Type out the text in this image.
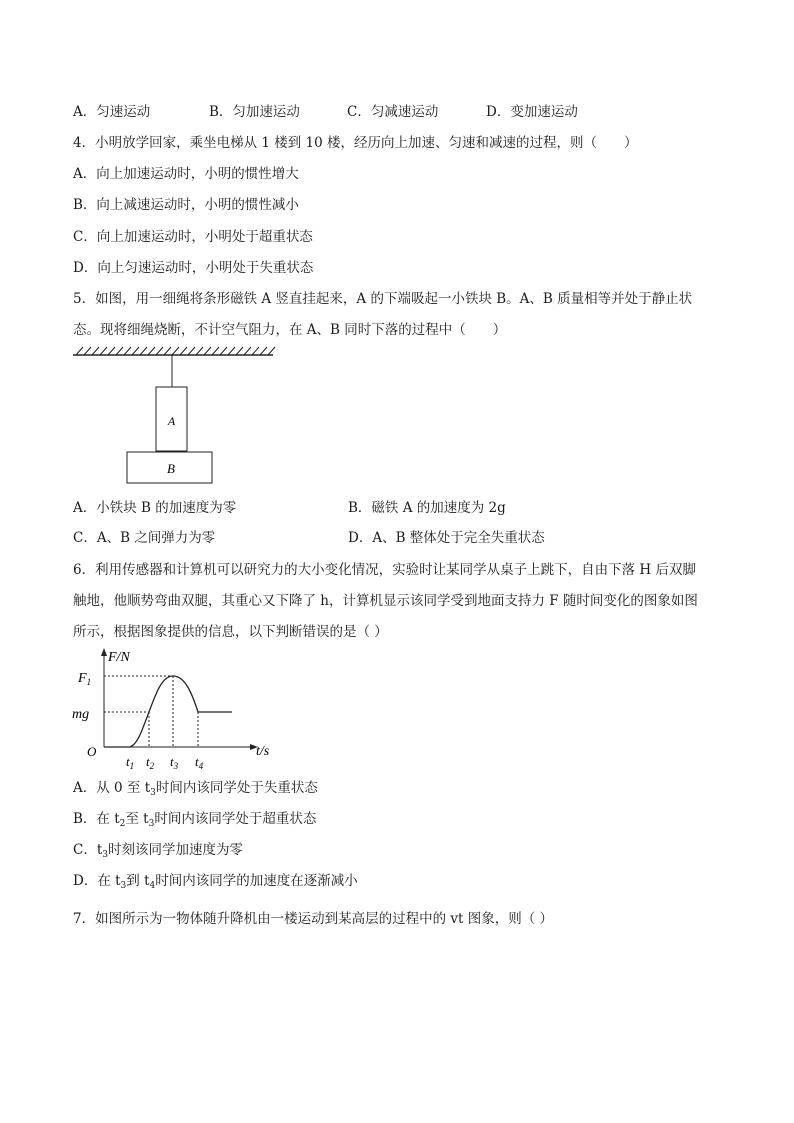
A．匀速运动	B．匀加速运动	C．匀减速运动	D．变加速运动
4．小明放学回家，乘坐电梯从 1 楼到 10 楼，经历向上加速、匀速和减速的过程，则（　　）
A．向上加速运动时，小明的惯性增大
B．向上减速运动时，小明的惯性减小
C．向上加速运动时，小明处于超重状态
D．向上匀速运动时，小明处于失重状态
5．如图，用一细绳将条形磁铁 A 竖直挂起来，A 的下端吸起一小铁块 B。A、B 质量相等并处于静止状
态。现将细绳烧断，不计空气阻力，在 A、B 同时下落的过程中（　　）
A
B
A．小铁块 B 的加速度为零	B．磁铁 A 的加速度为 2g
C．A、B 之间弹力为零	D．A、B 整体处于完全失重状态
6．利用传感器和计算机可以研究力的大小变化情况，实验时让某同学从桌子上跳下，自由下落 H 后双脚
触地，他顺势弯曲双腿，其重心又下降了 h，计算机显示该同学受到地面支持力 F 随时间变化的图象如图
所示，根据图象提供的信息，以下判断错误的是（ ）
F/N
t/s
O
$F_1$
mg
$t_1$ $t_2$ $t_3$ $t_4$
A．从 0 至 $t_3$时间内该同学处于失重状态
B．在 $t_2$至 $t_3$时间内该同学处于超重状态
C．$t_3$时刻该同学加速度为零
D．在 $t_3$到 $t_4$时间内该同学的加速度在逐渐减小
7．如图所示为一物体随升降机由一楼运动到某高层的过程中的 vt 图象，则（ ）
